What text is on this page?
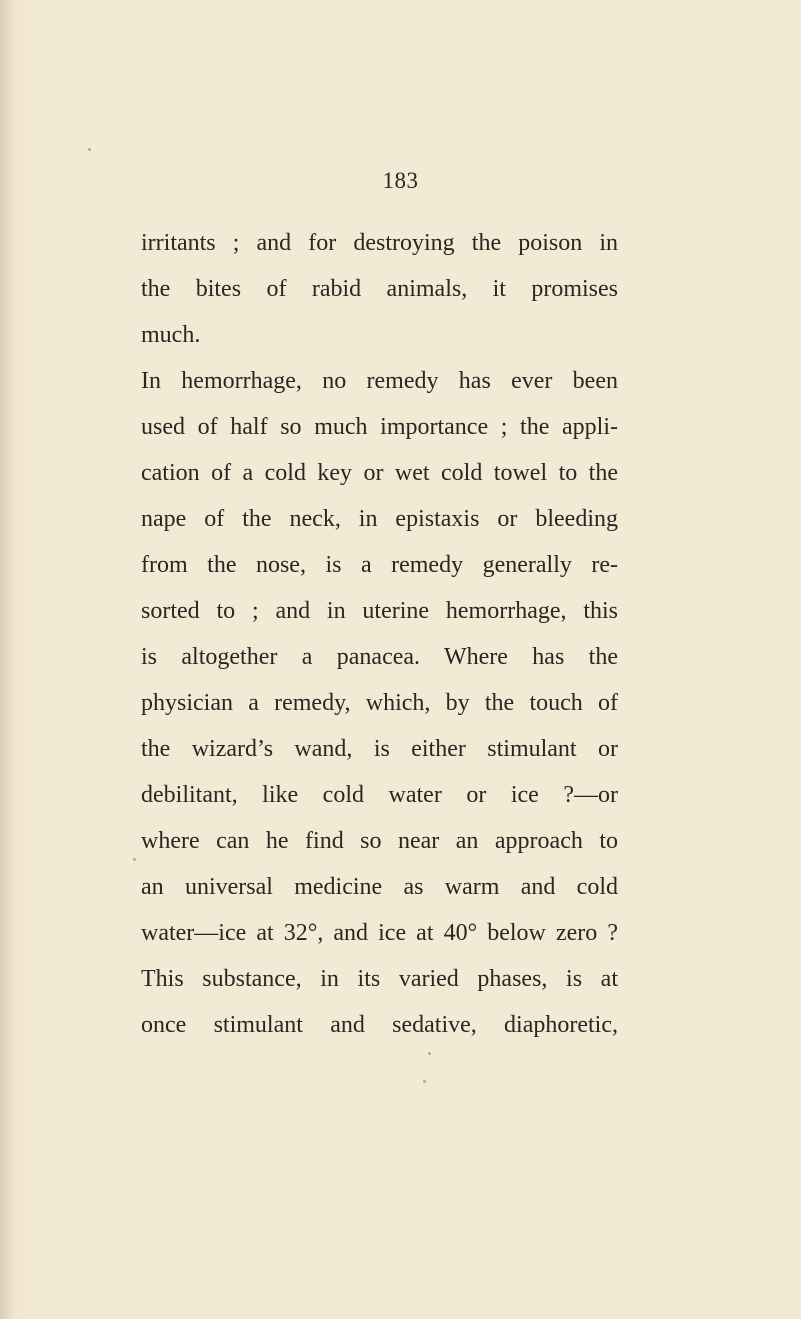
183
irritants ; and for destroying the poison in
the bites of rabid animals, it promises
much.
In hemorrhage, no remedy has ever been
used of half so much importance ; the appli-
cation of a cold key or wet cold towel to the
nape of the neck, in epistaxis or bleeding
from the nose, is a remedy generally re-
sorted to ; and in uterine hemorrhage, this
is altogether a panacea. Where has the
physician a remedy, which, by the touch of
the wizard’s wand, is either stimulant or
debilitant, like cold water or ice ?—or
where can he find so near an approach to
an universal medicine as warm and cold
water—ice at 32°, and ice at 40° below zero ?
This substance, in its varied phases, is at
once stimulant and sedative, diaphoretic,
